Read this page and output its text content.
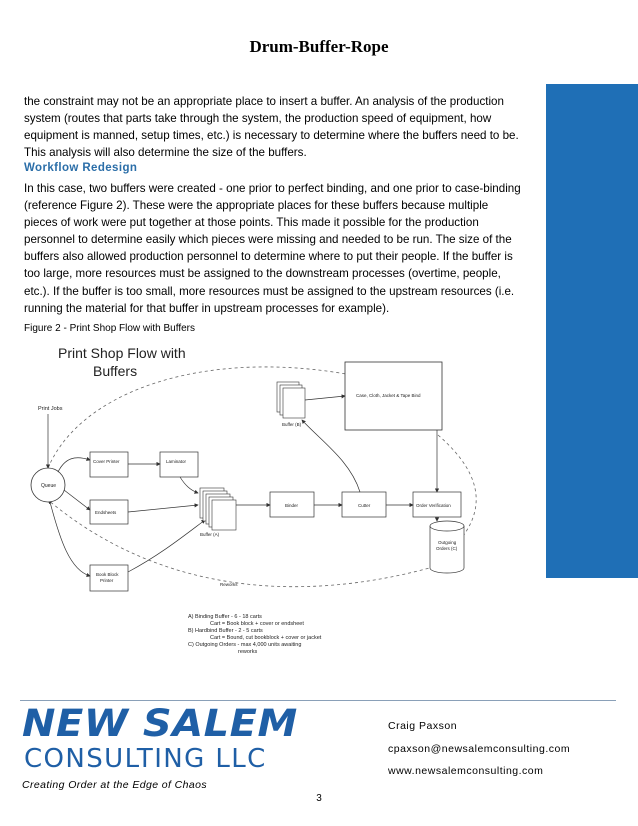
Drum-Buffer-Rope
the constraint may not be an appropriate place to insert a buffer. An analysis of the production system (routes that parts take through the system, the production speed of equipment, how equipment is manned, setup times, etc.) is necessary to determine where the buffers need to be. This analysis will also determine the size of the buffers.
Workflow Redesign
In this case, two buffers were created - one prior to perfect binding, and one prior to case-binding (reference Figure 2). These were the appropriate places for these buffers because multiple pieces of work were put together at those points. This made it possible for the production personnel to determine easily which pieces were missing and needed to be run. The size of the buffers also allowed production personnel to determine where to put their people. If the buffer is too large, more resources must be assigned to the downstream processes (overtime, people, etc.). If the buffer is too small, more resources must be assigned to the upstream resources (i.e. running the material for that buffer in upstream processes for example).
Figure 2 - Print Shop Flow with Buffers
Print Shop Flow with
Buffers
Print Jobs
Queue
Cover Printer	Laminator
Endsheets
Book Block
Printer
Buffer (A)
Buffer (B)
Case, Cloth, Jacket & Tape Bind
Binder	Cutter	Order Verification
Outgoing
Orders (C)
Reworks
A) Binding Buffer - 6 - 18 carts
Cart = Book block + cover or endsheet
B) Hardbind Buffer - 2 - 5 carts
Cart = Bound, cut bookblock + cover or jacket
C) Outgoing Orders - max 4,000 units awaiting
reworks
NEW SALEM
CONSULTING LLC
Creating Order at the Edge of Chaos
Craig Paxson
cpaxson@newsalemconsulting.com
www.newsalemconsulting.com
3
